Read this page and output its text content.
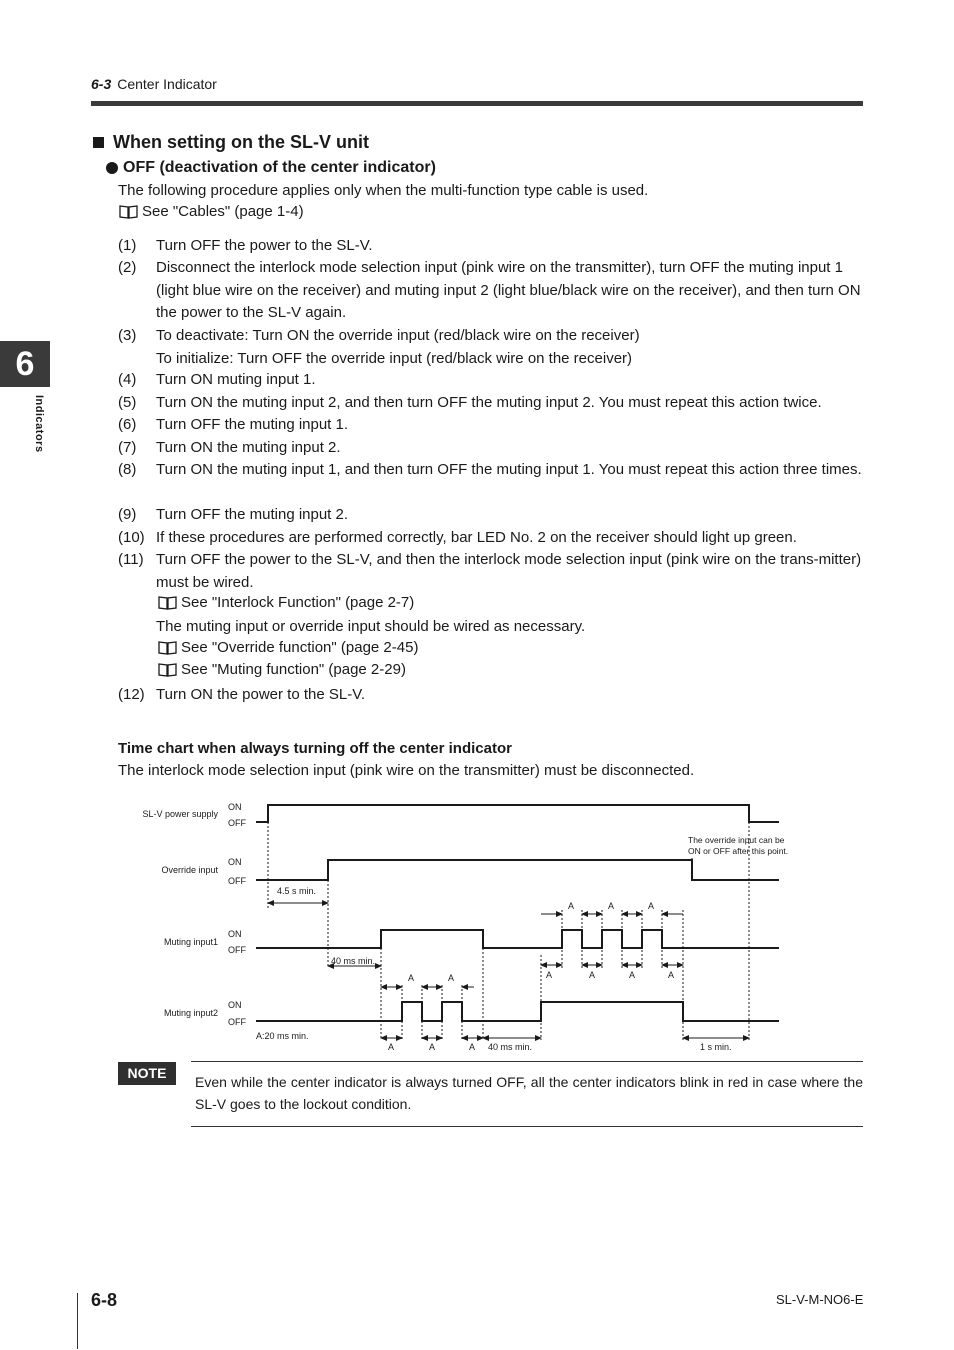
6-3 Center Indicator
6
Indicators
When setting on the SL-V unit
OFF (deactivation of the center indicator)
The following procedure applies only when the multi-function type cable is used.
See "Cables" (page 1-4)
(1) Turn OFF the power to the SL-V.
(2) Disconnect the interlock mode selection input (pink wire on the transmitter), turn OFF the muting input 1 (light blue wire on the receiver) and muting input 2 (light blue/black wire on the receiver), and then turn ON the power to the SL-V again.
(3) To deactivate: Turn ON the override input (red/black wire on the receiver)
To initialize: Turn OFF the override input (red/black wire on the receiver)
(4) Turn ON muting input 1.
(5) Turn ON the muting input 2, and then turn OFF the muting input 2. You must repeat this action twice.
(6) Turn OFF the muting input 1.
(7) Turn ON the muting input 2.
(8) Turn ON the muting input 1, and then turn OFF the muting input 1. You must repeat this action three times.
(9) Turn OFF the muting input 2.
(10) If these procedures are performed correctly, bar LED No. 2 on the receiver should light up green.
(11) Turn OFF the power to the SL-V, and then the interlock mode selection input (pink wire on the trans-mitter) must be wired.
See "Interlock Function" (page 2-7)
The muting input or override input should be wired as necessary.
See "Override function" (page 2-45)
See "Muting function" (page 2-29)
(12) Turn ON the power to the SL-V.
Time chart when always turning off the center indicator
The interlock mode selection input (pink wire on the transmitter) must be disconnected.
SL-V power supply
Override input
Muting input1
Muting input2
ON
OFF
ON
OFF
ON
OFF
ON
OFF
4.5 s min.
40 ms min.
40 ms min.
A:20 ms min.
1 s min.
The override input can be
ON or OFF after this point.
A	A	A
A	A	A	A
A	A
A	A	A
NOTE
Even while the center indicator is always turned OFF, all the center indicators blink in red in case where the SL-V goes to the lockout condition.
6-8	SL-V-M-NO6-E
